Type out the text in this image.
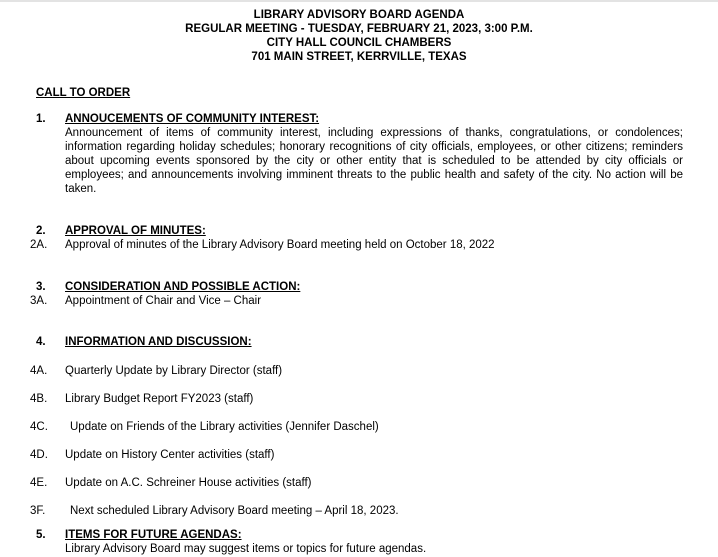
LIBRARY ADVISORY BOARD AGENDA
REGULAR MEETING - TUESDAY, FEBRUARY 21, 2023, 3:00 P.M.
CITY HALL COUNCIL CHAMBERS
701 MAIN STREET, KERRVILLE, TEXAS
CALL TO ORDER
1.	ANNOUCEMENTS OF COMMUNITY INTEREST:
Announcement of items of community interest, including expressions of thanks, congratulations, or condolences; information regarding holiday schedules; honorary recognitions of city officials, employees, or other citizens; reminders about upcoming events sponsored by the city or other entity that is scheduled to be attended by city officials or employees; and announcements involving imminent threats to the public health and safety of the city. No action will be taken.
2.	APPROVAL OF MINUTES:
2A.	Approval of minutes of the Library Advisory Board meeting held on October 18, 2022
3.	CONSIDERATION AND POSSIBLE ACTION:
3A.	Appointment of Chair and Vice – Chair
4.	INFORMATION AND DISCUSSION:
4A.	Quarterly Update by Library Director (staff)
4B.	Library Budget Report FY2023 (staff)
4C.	Update on Friends of the Library activities (Jennifer Daschel)
4D.	Update on History Center activities (staff)
4E.	Update on A.C. Schreiner House activities (staff)
3F.	Next scheduled Library Advisory Board meeting – April 18, 2023.
5.	ITEMS FOR FUTURE AGENDAS:
Library Advisory Board may suggest items or topics for future agendas.
